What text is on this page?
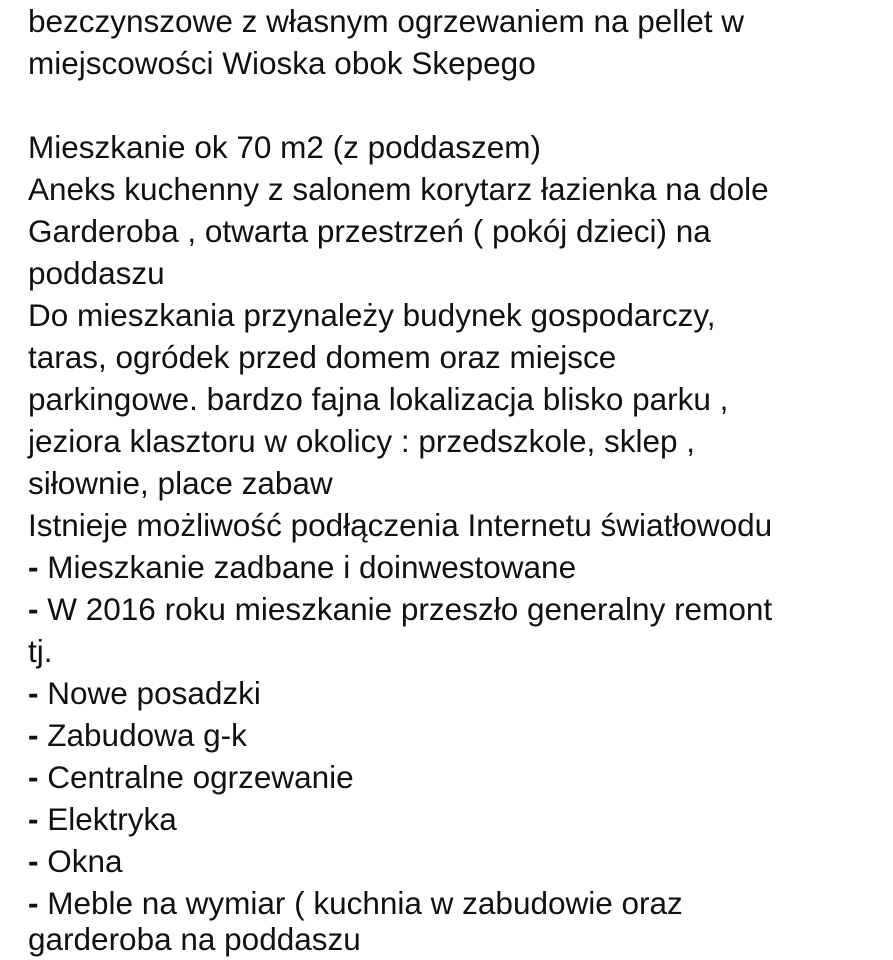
bezczynszowe z własnym ogrzewaniem na pellet w
miejscowości Wioska obok Skepego
Mieszkanie ok 70 m2 (z poddaszem)
Aneks kuchenny z salonem korytarz łazienka na dole
Garderoba , otwarta przestrzeń ( pokój dzieci) na
poddaszu
Do mieszkania przynależy budynek gospodarczy,
taras, ogródek przed domem oraz miejsce
parkingowe. bardzo fajna lokalizacja blisko parku ,
jeziora klasztoru w okolicy : przedszkole, sklep ,
siłownie, place zabaw
Istnieje możliwość podłączenia Internetu światłowodu
- Mieszkanie zadbane i doinwestowane
- W 2016 roku mieszkanie przeszło generalny remont
tj.
- Nowe posadzki
- Zabudowa g-k
- Centralne ogrzewanie
- Elektryka
- Okna
- Meble na wymiar ( kuchnia w zabudowie oraz
garderoba na poddaszu
